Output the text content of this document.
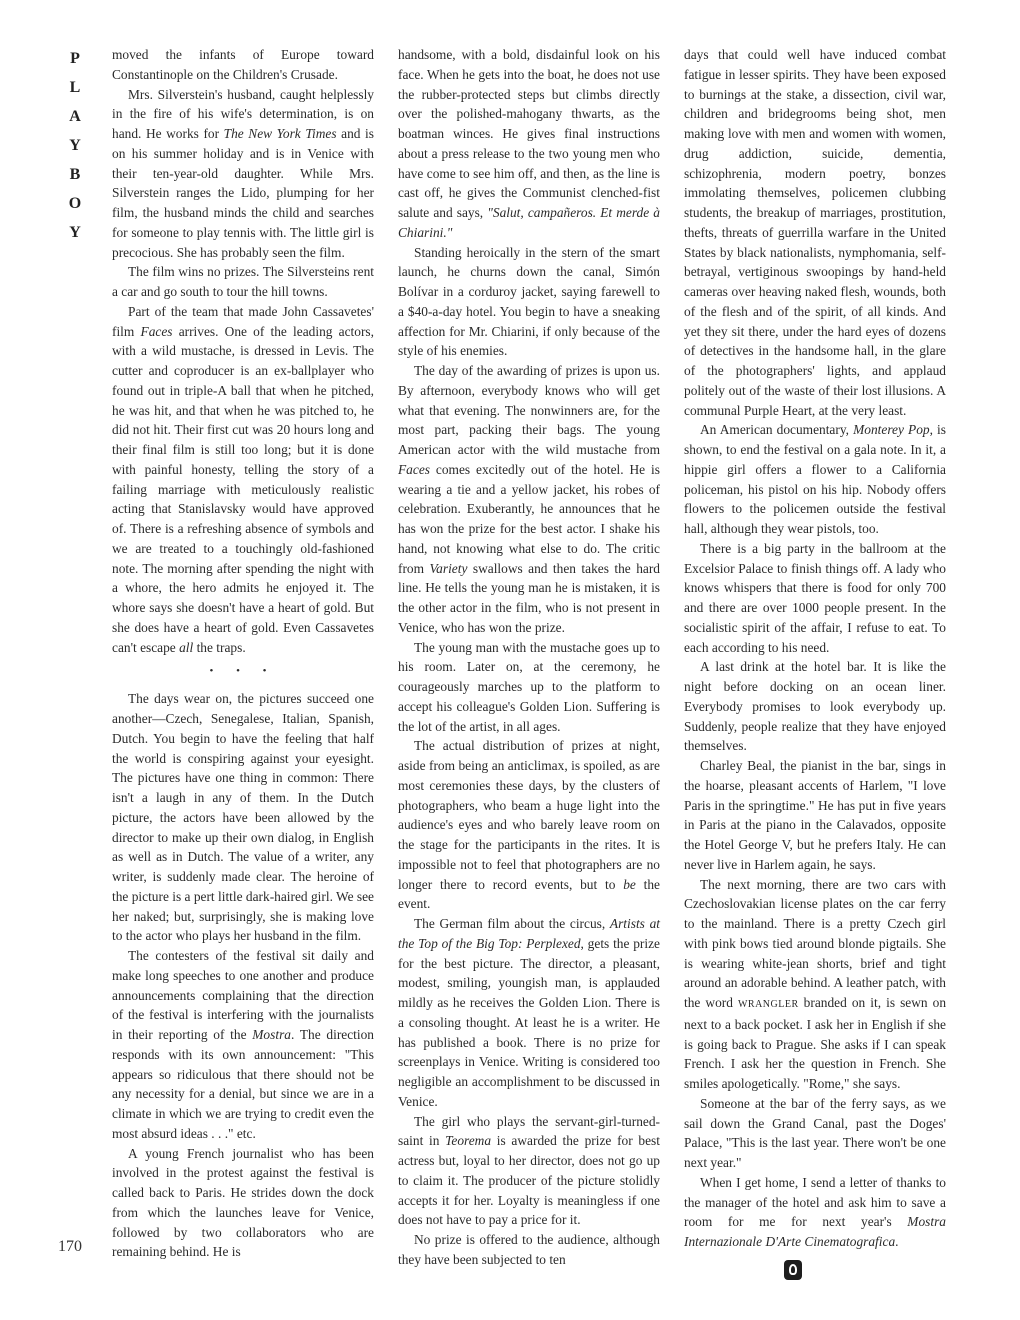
P
L
A
Y
B
O
Y
170

moved the infants of Europe toward Constantinople on the Children's Crusade.

Mrs. Silverstein's husband, caught helplessly in the fire of his wife's determination, is on hand. He works for The New York Times and is on his summer holiday and is in Venice with their ten-year-old daughter. While Mrs. Silverstein ranges the Lido, plumping for her film, the husband minds the child and searches for someone to play tennis with. The little girl is precocious. She has probably seen the film.

The film wins no prizes. The Silversteins rent a car and go south to tour the hill towns.

Part of the team that made John Cassavetes' film Faces arrives. One of the leading actors, with a wild mustache, is dressed in Levis. The cutter and coproducer is an ex-ballplayer who found out in triple-A ball that when he pitched, he was hit, and that when he was pitched to, he did not hit. Their first cut was 20 hours long and their final film is still too long; but it is done with painful honesty, telling the story of a failing marriage with meticulously realistic acting that Stanislavsky would have approved of. There is a refreshing absence of symbols and we are treated to a touchingly old-fashioned note. The morning after spending the night with a whore, the hero admits he enjoyed it. The whore says she doesn't have a heart of gold. But she does have a heart of gold. Even Cassavetes can't escape all the traps.

• • •

The days wear on, the pictures succeed one another—Czech, Senegalese, Italian, Spanish, Dutch. You begin to have the feeling that half the world is conspiring against your eyesight. The pictures have one thing in common: There isn't a laugh in any of them. In the Dutch picture, the actors have been allowed by the director to make up their own dialog, in English as well as in Dutch. The value of a writer, any writer, is suddenly made clear. The heroine of the picture is a pert little dark-haired girl. We see her naked; but, surprisingly, she is making love to the actor who plays her husband in the film.

The contesters of the festival sit daily and make long speeches to one another and produce announcements complaining that the direction of the festival is interfering with the journalists in their reporting of the Mostra. The direction responds with its own announcement: "This appears so ridiculous that there should not be any necessity for a denial, but since we are in a climate in which we are trying to credit even the most absurd ideas . . ." etc.

A young French journalist who has been involved in the protest against the festival is called back to Paris. He strides down the dock from which the launches leave for Venice, followed by two collaborators who are remaining behind. He is

handsome, with a bold, disdainful look on his face. When he gets into the boat, he does not use the rubber-protected steps but climbs directly over the polished-mahogany thwarts, as the boatman winces. He gives final instructions about a press release to the two young men who have come to see him off, and then, as the line is cast off, he gives the Communist clenched-fist salute and says, "Salut, campañeros. Et merde à Chiarini."

Standing heroically in the stern of the smart launch, he churns down the canal, Simón Bolívar in a corduroy jacket, saying farewell to a $40-a-day hotel. You begin to have a sneaking affection for Mr. Chiarini, if only because of the style of his enemies.

The day of the awarding of prizes is upon us. By afternoon, everybody knows who will get what that evening. The nonwinners are, for the most part, packing their bags. The young American actor with the wild mustache from Faces comes excitedly out of the hotel. He is wearing a tie and a yellow jacket, his robes of celebration. Exuberantly, he announces that he has won the prize for the best actor. I shake his hand, not knowing what else to do. The critic from Variety swallows and then takes the hard line. He tells the young man he is mistaken, it is the other actor in the film, who is not present in Venice, who has won the prize.

The young man with the mustache goes up to his room. Later on, at the ceremony, he courageously marches up to the platform to accept his colleague's Golden Lion. Suffering is the lot of the artist, in all ages.

The actual distribution of prizes at night, aside from being an anticlimax, is spoiled, as are most ceremonies these days, by the clusters of photographers, who beam a huge light into the audience's eyes and who barely leave room on the stage for the participants in the rites. It is impossible not to feel that photographers are no longer there to record events, but to be the event.

The German film about the circus, Artists at the Top of the Big Top: Perplexed, gets the prize for the best picture. The director, a pleasant, modest, smiling, youngish man, is applauded mildly as he receives the Golden Lion. There is a consoling thought. At least he is a writer. He has published a book. There is no prize for screenplays in Venice. Writing is considered too negligible an accomplishment to be discussed in Venice.

The girl who plays the servant-girl-turned-saint in Teorema is awarded the prize for best actress but, loyal to her director, does not go up to claim it. The producer of the picture stolidly accepts it for her. Loyalty is meaningless if one does not have to pay a price for it.

No prize is offered to the audience, although they have been subjected to ten

days that could well have induced combat fatigue in lesser spirits. They have been exposed to burnings at the stake, a dissection, civil war, children and bridegrooms being shot, men making love with men and women with women, drug addiction, suicide, dementia, schizophrenia, modern poetry, bonzes immolating themselves, policemen clubbing students, the breakup of marriages, prostitution, thefts, threats of guerrilla warfare in the United States by black nationalists, nymphomania, self-betrayal, vertiginous swoopings by hand-held cameras over heaving naked flesh, wounds, both of the flesh and of the spirit, of all kinds. And yet they sit there, under the hard eyes of dozens of detectives in the handsome hall, in the glare of the photographers' lights, and applaud politely out of the waste of their lost illusions. A communal Purple Heart, at the very least.

An American documentary, Monterey Pop, is shown, to end the festival on a gala note. In it, a hippie girl offers a flower to a California policeman, his pistol on his hip. Nobody offers flowers to the policemen outside the festival hall, although they wear pistols, too.

There is a big party in the ballroom at the Excelsior Palace to finish things off. A lady who knows whispers that there is food for only 700 and there are over 1000 people present. In the socialistic spirit of the affair, I refuse to eat. To each according to his need.

A last drink at the hotel bar. It is like the night before docking on an ocean liner. Everybody promises to look everybody up. Suddenly, people realize that they have enjoyed themselves.

Charley Beal, the pianist in the bar, sings in the hoarse, pleasant accents of Harlem, "I love Paris in the springtime." He has put in five years in Paris at the piano in the Calavados, opposite the Hotel George V, but he prefers Italy. He can never live in Harlem again, he says.

The next morning, there are two cars with Czechoslovakian license plates on the car ferry to the mainland. There is a pretty Czech girl with pink bows tied around blonde pigtails. She is wearing white-jean shorts, brief and tight around an adorable behind. A leather patch, with the word WRANGLER branded on it, is sewn on next to a back pocket. I ask her in English if she is going back to Prague. She asks if I can speak French. I ask her the question in French. She smiles apologetically. "Rome," she says.

Someone at the bar of the ferry says, as we sail down the Grand Canal, past the Doges' Palace, "This is the last year. There won't be one next year."

When I get home, I send a letter of thanks to the manager of the hotel and ask him to save a room for me for next year's Mostra Internazionale D'Arte Cinematografica.
